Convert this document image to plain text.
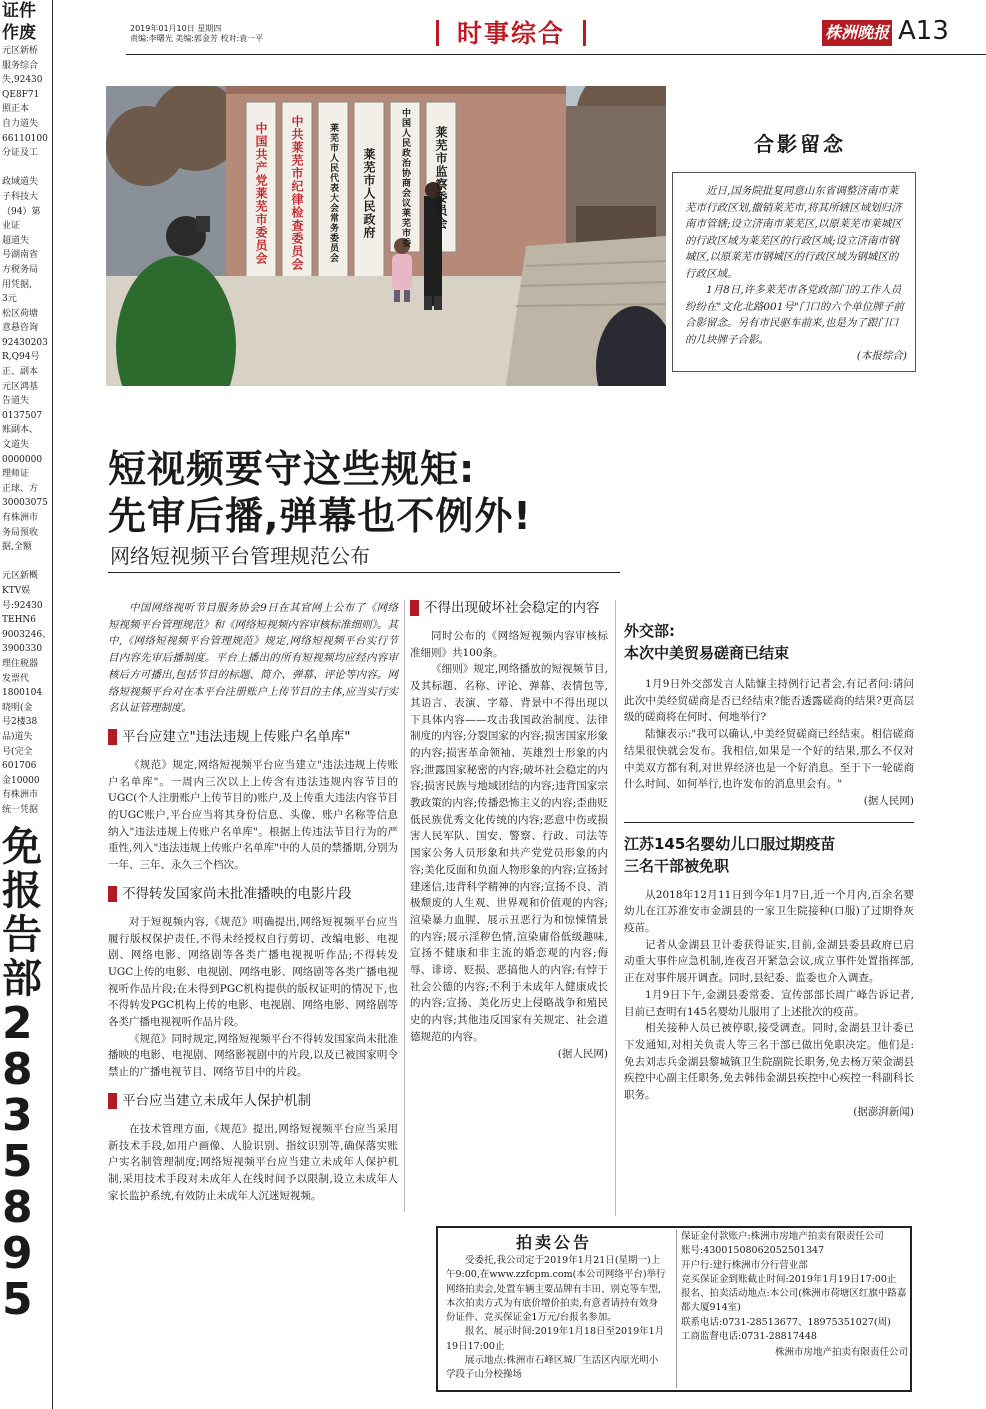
2019年01月10日 星期四
责编:李曙光 美编:郭金芳 校对:袁一平	时事综合	株洲晚报 A13
证件
作废
元区新桥
服务综合
失,92430
QE8F71
照正本
自力道失
66110100
分证及工

政域道失
子科技大
（94）第
业证
超道失
号湖南省
方税务局
用凭据,
3元
松区荷塘
意悬咨询
92430203
R,Q94号
正、副本
元区鸿基
告道失
0137507
账副本、
文道失
0000000
理师证
正球、方
30003075
有株洲市
务局预收
据,全额

元区新概
KTV娱
号:92430
TEHN6
9003246、
3900330
理住税器
发票代
1800104
晓明(金
号2楼38
品)道失
号(完全
601706
金10000
有株洲市
统一凭据
免
报
告
部
2
8
3
5
8
9
5
中国共产党莱芜市委员会	中共莱芜市纪律检查委员会	莱芜市人民代表大会常务委员会	莱芜市人民政府
中国人民政治协商会议莱芜市委
莱芜市监察委员会	合影留念

近日,国务院批复同意山东省调整济南市莱芜市行政区划,撤销莱芜市,将其所辖区域划归济南市管辖;设立济南市莱芜区,以原莱芜市莱城区的行政区域为莱芜区的行政区域;设立济南市钢城区,以原莱芜市钢城区的行政区域为钢城区的行政区域。

1月8日,许多莱芜市各党政部门的工作人员纷纷在"文化北路001号"门口的六个单位牌子前合影留念。另有市民驱车前来,也是为了跟门口的几块牌子合影。

(本报综合)
短视频要守这些规矩:
先审后播,弹幕也不例外!
网络短视频平台管理规范公布

中国网络视听节目服务协会9日在其官网上公布了《网络短视频平台管理规范》和《网络短视频内容审核标准细则》。其中,《网络短视频平台管理规范》规定,网络短视频平台实行节目内容先审后播制度。平台上播出的所有短视频均应经内容审核后方可播出,包括节目的标题、简介、弹幕、评论等内容。网络短视频平台对在本平台注册账户上传节目的主体,应当实行实名认证管理制度。

平台应建立"违法违规上传账户名单库"

《规范》规定,网络短视频平台应当建立"违法违规上传账户名单库"。一周内三次以上上传含有违法违规内容节目的UGC(个人注册账户上传节目的)账户,及上传重大违法内容节目的UGC账户,平台应当将其身份信息、头像、账户名称等信息纳入"违法违规上传账户名单库"。根据上传违法节目行为的严重性,列入"违法违规上传账户名单库"中的人员的禁播期,分别为一年、三年、永久三个档次。

不得转发国家尚未批准播映的电影片段

对于短视频内容,《规范》明确提出,网络短视频平台应当履行版权保护责任,不得未经授权自行剪切、改编电影、电视剧、网络电影、网络剧等各类广播电视视听作品;不得转发UGC上传的电影、电视剧、网络电影、网络剧等各类广播电视视听作品片段;在未得到PGC机构提供的版权证明的情况下,也不得转发PGC机构上传的电影、电视剧、网络电影、网络剧等各类广播电视视听作品片段。

《规范》同时规定,网络短视频平台不得转发国家尚未批准播映的电影、电视剧、网络影视剧中的片段,以及已被国家明令禁止的广播电视节目、网络节目中的片段。

平台应当建立未成年人保护机制

在技术管理方面,《规范》提出,网络短视频平台应当采用新技术手段,如用户画像、人脸识别、指纹识别等,确保落实账户实名制管理制度;网络短视频平台应当建立未成年人保护机制,采用技术手段对未成年人在线时间予以限制,设立未成年人家长监护系统,有效防止未成年人沉迷短视频。

不得出现破坏社会稳定的内容

同时公布的《网络短视频内容审核标准细则》共100条。

《细则》规定,网络播放的短视频节目,及其标题、名称、评论、弹幕、表情包等,其语言、表演、字幕、背景中不得出现以下具体内容——攻击我国政治制度、法律制度的内容;分裂国家的内容;损害国家形象的内容;损害革命领袖、英雄烈士形象的内容;泄露国家秘密的内容;破坏社会稳定的内容;损害民族与地域团结的内容;违背国家宗教政策的内容;传播恐怖主义的内容;歪曲贬低民族优秀文化传统的内容;恶意中伤或损害人民军队、国安、警察、行政、司法等国家公务人员形象和共产党党员形象的内容;美化反面和负面人物形象的内容;宣扬封建迷信,违背科学精神的内容;宣扬不良、消极颓废的人生观、世界观和价值观的内容;渲染暴力血腥、展示丑恶行为和惊悚情景的内容;展示淫秽色情,渲染庸俗低级趣味,宣扬不健康和非主流的婚恋观的内容;侮辱、诽谤、贬损、恶搞他人的内容;有悖于社会公德的内容;不利于未成年人健康成长的内容;宣扬、美化历史上侵略战争和殖民史的内容;其他违反国家有关规定、社会道德规范的内容。

(据人民网)
外交部:
本次中美贸易磋商已结束

1月9日外交部发言人陆慷主持例行记者会,有记者问:请问此次中美经贸磋商是否已经结束?能否透露磋商的结果?更高层级的磋商将在何时、何地举行?

陆慷表示:"我可以确认,中美经贸磋商已经结束。相信磋商结果很快就会发布。我相信,如果是一个好的结果,那么不仅对中美双方都有利,对世界经济也是一个好消息。至于下一轮磋商什么时间、如何举行,也许发布的消息里会有。"

(据人民网)
江苏145名婴幼儿口服过期疫苗
三名干部被免职

从2018年12月11日到今年1月7日,近一个月内,百余名婴幼儿在江苏淮安市金湖县的一家卫生院接种(口服)了过期脊灰疫苗。

记者从金湖县卫计委获得证实,目前,金湖县委县政府已启动重大事件应急机制,连夜召开紧急会议,成立事件处置指挥部,正在对事件展开调查。同时,县纪委、监委也介入调查。

1月9日下午,金湖县委常委、宣传部部长周广峰告诉记者,目前已查明有145名婴幼儿服用了上述批次的疫苗。

相关接种人员已被停职,接受调查。同时,金湖县卫计委已下发通知,对相关负责人等三名干部已做出免职决定。他们是:免去刘志兵金湖县黎城镇卫生院副院长职务,免去杨万荣金湖县疾控中心副主任职务,免去韩伟金湖县疾控中心疾控一科副科长职务。

(据澎湃新闻)
拍卖公告

受委托,我公司定于2019年1月21日(星期一)上午9:00,在www.zzfcpm.com(本公司网络平台)举行网络拍卖会,处置车辆主要品牌有丰田、别克等车型,本次拍卖方式为有底价增价拍卖,有意者请持有效身份证件、竞买保证金1万元/台报名参加。

报名、展示时间:2019年1月18日至2019年1月19日17:00止

展示地点:株洲市石峰区城厂生活区内原光明小学段子山分校操场

保证金付款账户:株洲市房地产拍卖有限责任公司

账号:43001508062052501347

开户行:建行株洲市分行营业部

竞买保证金到账截止时间:2019年1月19日17:00止

报名、拍卖活动地点:本公司(株洲市荷塘区红旗中路嘉都大厦914室)

联系电话:0731-28513677、18975351027(周)

工商监督电话:0731-28817448

株洲市房地产拍卖有限责任公司
